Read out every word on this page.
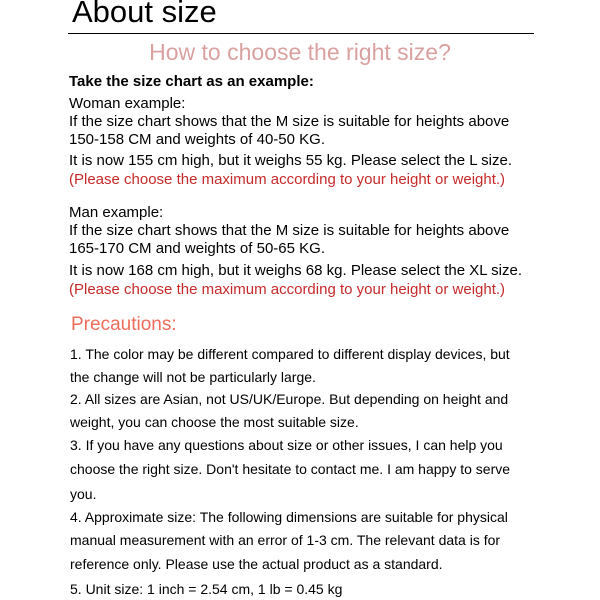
About size
How to choose the right size?
Take the size chart as an example:
Woman example:
If the size chart shows that the M size is suitable for heights above
150-158 CM and weights of 40-50 KG.
It is now 155 cm high, but it weighs 55 kg. Please select the L size.
(Please choose the maximum according to your height or weight.)
Man example:
If the size chart shows that the M size is suitable for heights above
165-170 CM and weights of 50-65 KG.
It is now 168 cm high, but it weighs 68 kg. Please select the XL size.
(Please choose the maximum according to your height or weight.)
Precautions:
1. The color may be different compared to different display devices, but
the change will not be particularly large.
2. All sizes are Asian, not US/UK/Europe. But depending on height and
weight, you can choose the most suitable size.
3. If you have any questions about size or other issues, I can help you
choose the right size. Don't hesitate to contact me. I am happy to serve
you.
4. Approximate size: The following dimensions are suitable for physical
manual measurement with an error of 1-3 cm. The relevant data is for
reference only. Please use the actual product as a standard.
5. Unit size: 1 inch = 2.54 cm, 1 lb = 0.45 kg
